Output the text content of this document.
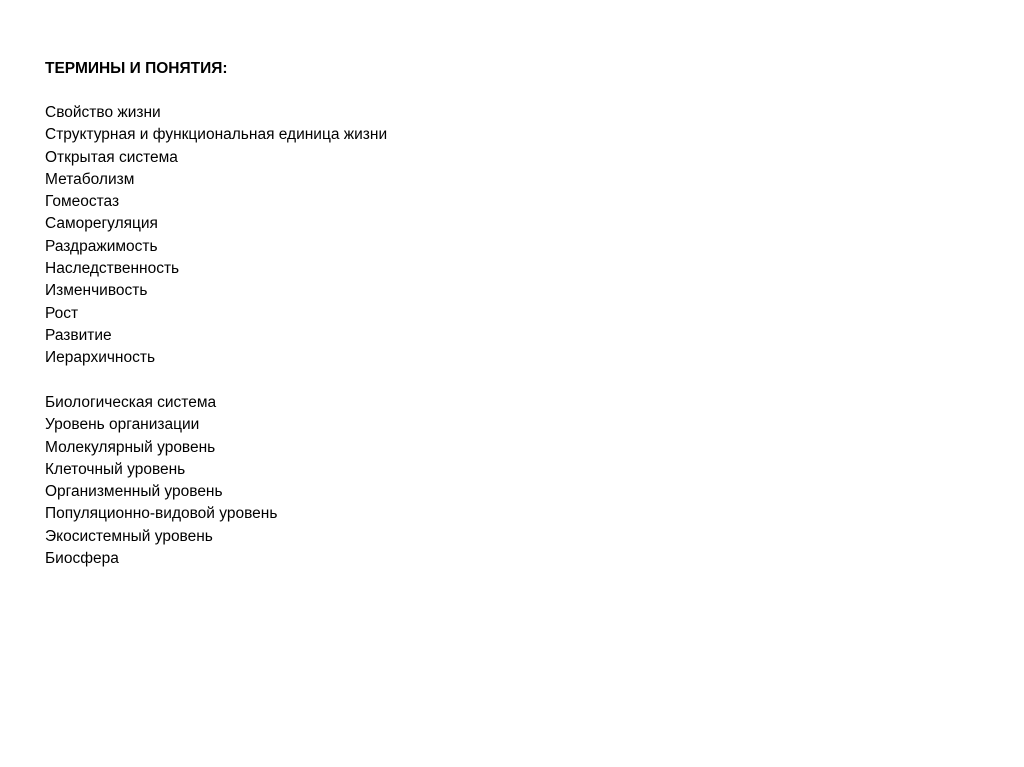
ТЕРМИНЫ И ПОНЯТИЯ:
Свойство жизни
Структурная и функциональная единица жизни
Открытая система
Метаболизм
Гомеостаз
Саморегуляция
Раздражимость
Наследственность
Изменчивость
Рост
Развитие
Иерархичность
Биологическая система
Уровень организации
Молекулярный уровень
Клеточный уровень
Организменный уровень
Популяционно-видовой уровень
Экосистемный уровень
Биосфера
